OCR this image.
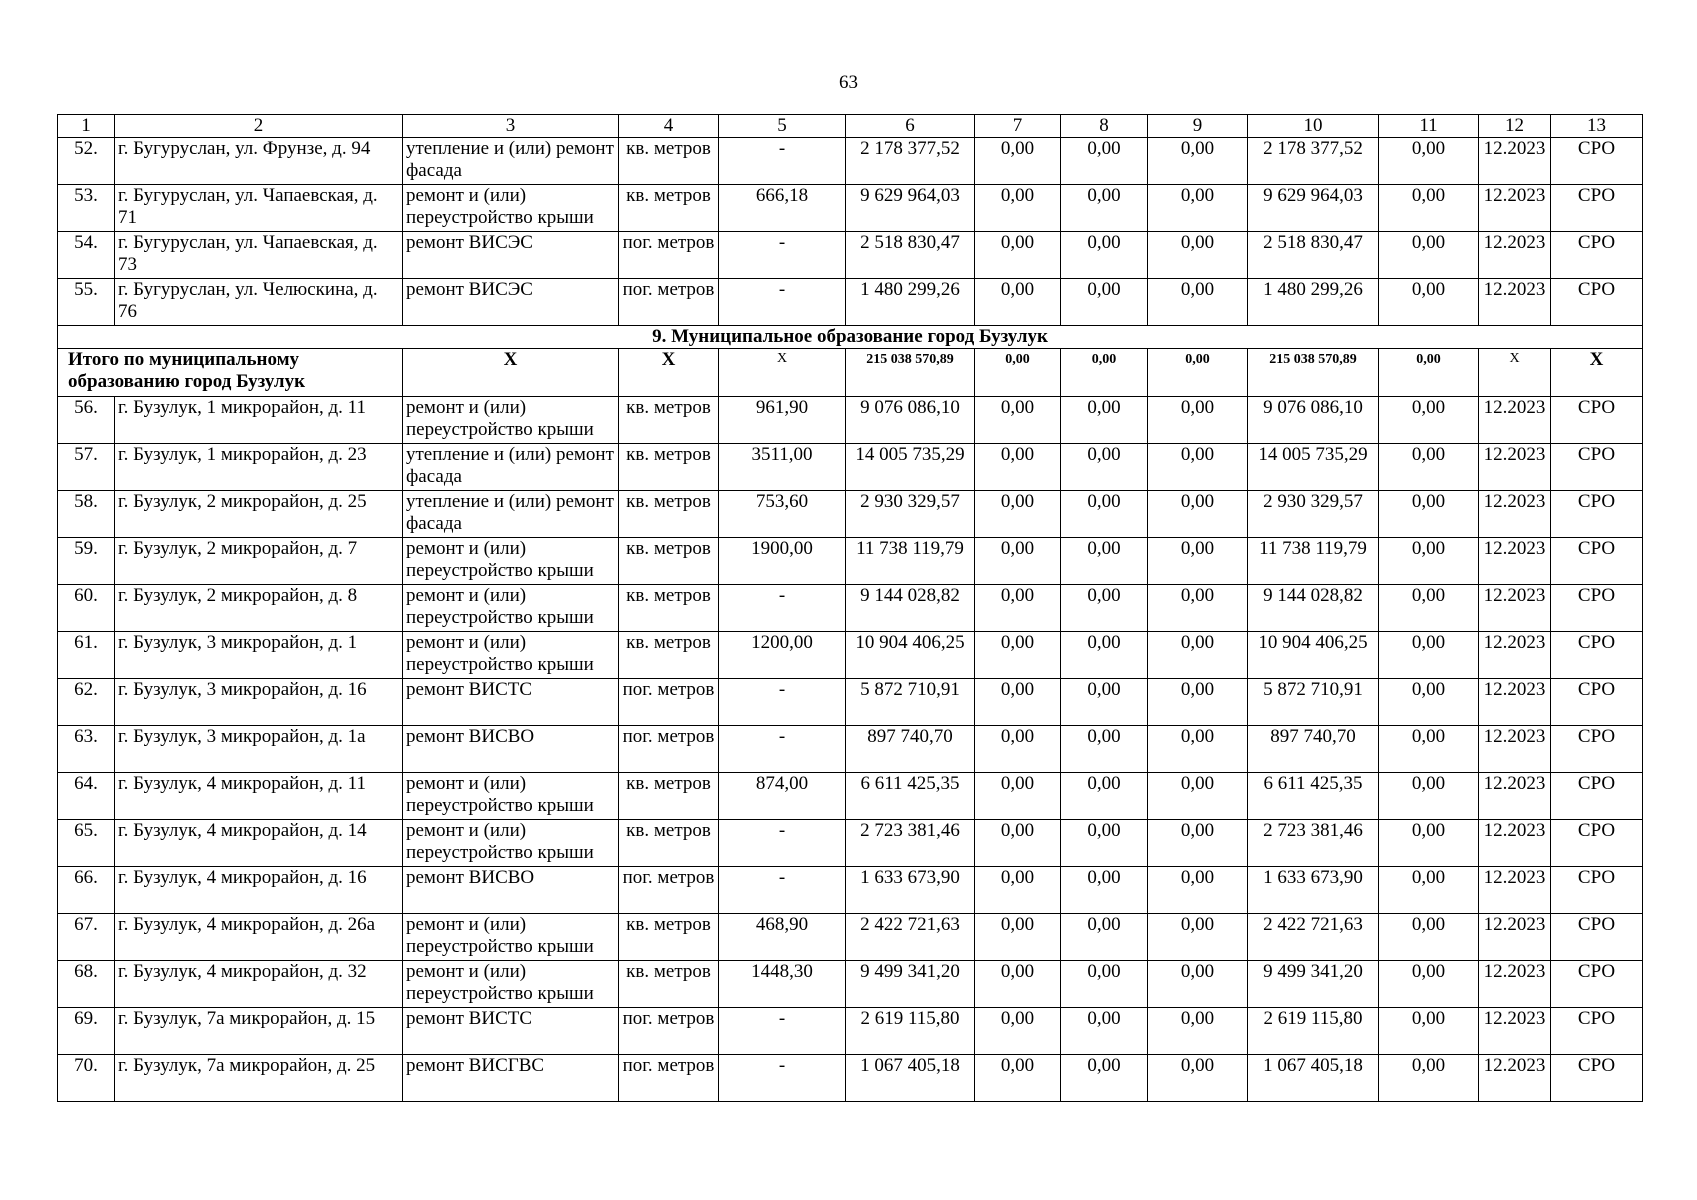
63
1	2	3	4	5	6	7	8	9	10	11	12	13
52.	г. Бугуруслан, ул. Фрунзе, д. 94	утепление и (или) ремонт фасада	кв. метров	-	2 178 377,52	0,00	0,00	0,00	2 178 377,52	0,00	12.2023	СРО
53.	г. Бугуруслан, ул. Чапаевская, д. 71	ремонт и (или) переустройство крыши	кв. метров	666,18	9 629 964,03	0,00	0,00	0,00	9 629 964,03	0,00	12.2023	СРО
54.	г. Бугуруслан, ул. Чапаевская, д. 73	ремонт ВИСЭС	пог. метров	-	2 518 830,47	0,00	0,00	0,00	2 518 830,47	0,00	12.2023	СРО
55.	г. Бугуруслан, ул. Челюскина, д. 76	ремонт ВИСЭС	пог. метров	-	1 480 299,26	0,00	0,00	0,00	1 480 299,26	0,00	12.2023	СРО
9. Муниципальное образование город Бузулук												
Итого по муниципальному образованию город Бузулук		X	X	X	215 038 570,89	0,00	0,00	0,00	215 038 570,89	0,00	X	X
56.	г. Бузулук, 1 микрорайон, д. 11	ремонт и (или) переустройство крыши	кв. метров	961,90	9 076 086,10	0,00	0,00	0,00	9 076 086,10	0,00	12.2023	СРО
57.	г. Бузулук, 1 микрорайон, д. 23	утепление и (или) ремонт фасада	кв. метров	3511,00	14 005 735,29	0,00	0,00	0,00	14 005 735,29	0,00	12.2023	СРО
58.	г. Бузулук, 2 микрорайон, д. 25	утепление и (или) ремонт фасада	кв. метров	753,60	2 930 329,57	0,00	0,00	0,00	2 930 329,57	0,00	12.2023	СРО
59.	г. Бузулук, 2 микрорайон, д. 7	ремонт и (или) переустройство крыши	кв. метров	1900,00	11 738 119,79	0,00	0,00	0,00	11 738 119,79	0,00	12.2023	СРО
60.	г. Бузулук, 2 микрорайон, д. 8	ремонт и (или) переустройство крыши	кв. метров	-	9 144 028,82	0,00	0,00	0,00	9 144 028,82	0,00	12.2023	СРО
61.	г. Бузулук, 3 микрорайон, д. 1	ремонт и (или) переустройство крыши	кв. метров	1200,00	10 904 406,25	0,00	0,00	0,00	10 904 406,25	0,00	12.2023	СРО
62.	г. Бузулук, 3 микрорайон, д. 16	ремонт ВИСТС	пог. метров	-	5 872 710,91	0,00	0,00	0,00	5 872 710,91	0,00	12.2023	СРО
63.	г. Бузулук, 3 микрорайон, д. 1а	ремонт ВИСВО	пог. метров	-	897 740,70	0,00	0,00	0,00	897 740,70	0,00	12.2023	СРО
64.	г. Бузулук, 4 микрорайон, д. 11	ремонт и (или) переустройство крыши	кв. метров	874,00	6 611 425,35	0,00	0,00	0,00	6 611 425,35	0,00	12.2023	СРО
65.	г. Бузулук, 4 микрорайон, д. 14	ремонт и (или) переустройство крыши	кв. метров	-	2 723 381,46	0,00	0,00	0,00	2 723 381,46	0,00	12.2023	СРО
66.	г. Бузулук, 4 микрорайон, д. 16	ремонт ВИСВО	пог. метров	-	1 633 673,90	0,00	0,00	0,00	1 633 673,90	0,00	12.2023	СРО
67.	г. Бузулук, 4 микрорайон, д. 26а	ремонт и (или) переустройство крыши	кв. метров	468,90	2 422 721,63	0,00	0,00	0,00	2 422 721,63	0,00	12.2023	СРО
68.	г. Бузулук, 4 микрорайон, д. 32	ремонт и (или) переустройство крыши	кв. метров	1448,30	9 499 341,20	0,00	0,00	0,00	9 499 341,20	0,00	12.2023	СРО
69.	г. Бузулук, 7а микрорайон, д. 15	ремонт ВИСТС	пог. метров	-	2 619 115,80	0,00	0,00	0,00	2 619 115,80	0,00	12.2023	СРО
70.	г. Бузулук, 7а микрорайон, д. 25	ремонт ВИСГВС	пог. метров	-	1 067 405,18	0,00	0,00	0,00	1 067 405,18	0,00	12.2023	СРО
